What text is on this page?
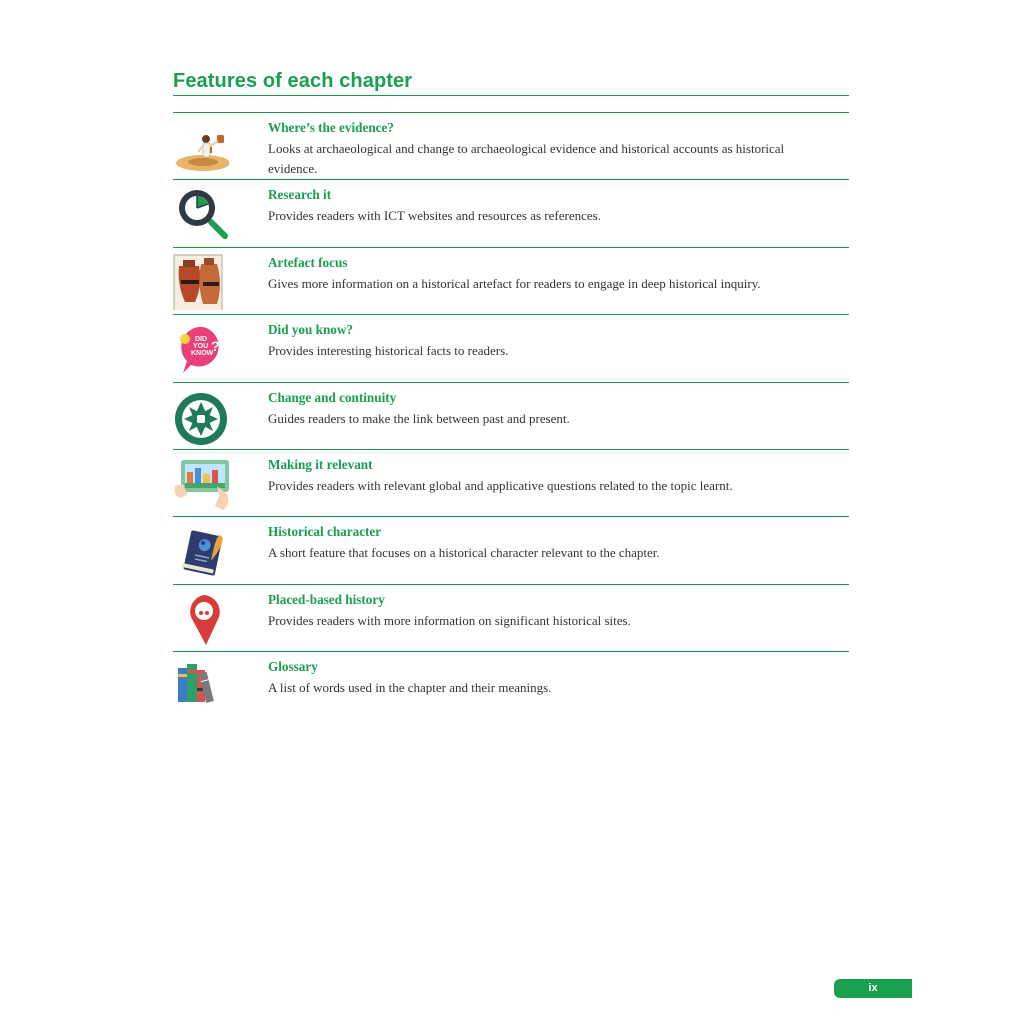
Features of each chapter
Where’s the evidence?
Looks at archaeological and change to archaeological evidence and historical accounts as historical evidence.
Research it
Provides readers with ICT websites and resources as references.
Artefact focus
Gives more information on a historical artefact for readers to engage in deep historical inquiry.
DID
YOU
KNOW
?
Did you know?
Provides interesting historical facts to readers.
Change and continuity
Guides readers to make the link between past and present.
Making it relevant
Provides readers with relevant global and applicative questions related to the topic learnt.
Historical character
A short feature that focuses on a historical character relevant to the chapter.
Placed-based history
Provides readers with more information on significant historical sites.
Glossary
A list of words used in the chapter and their meanings.
ix
